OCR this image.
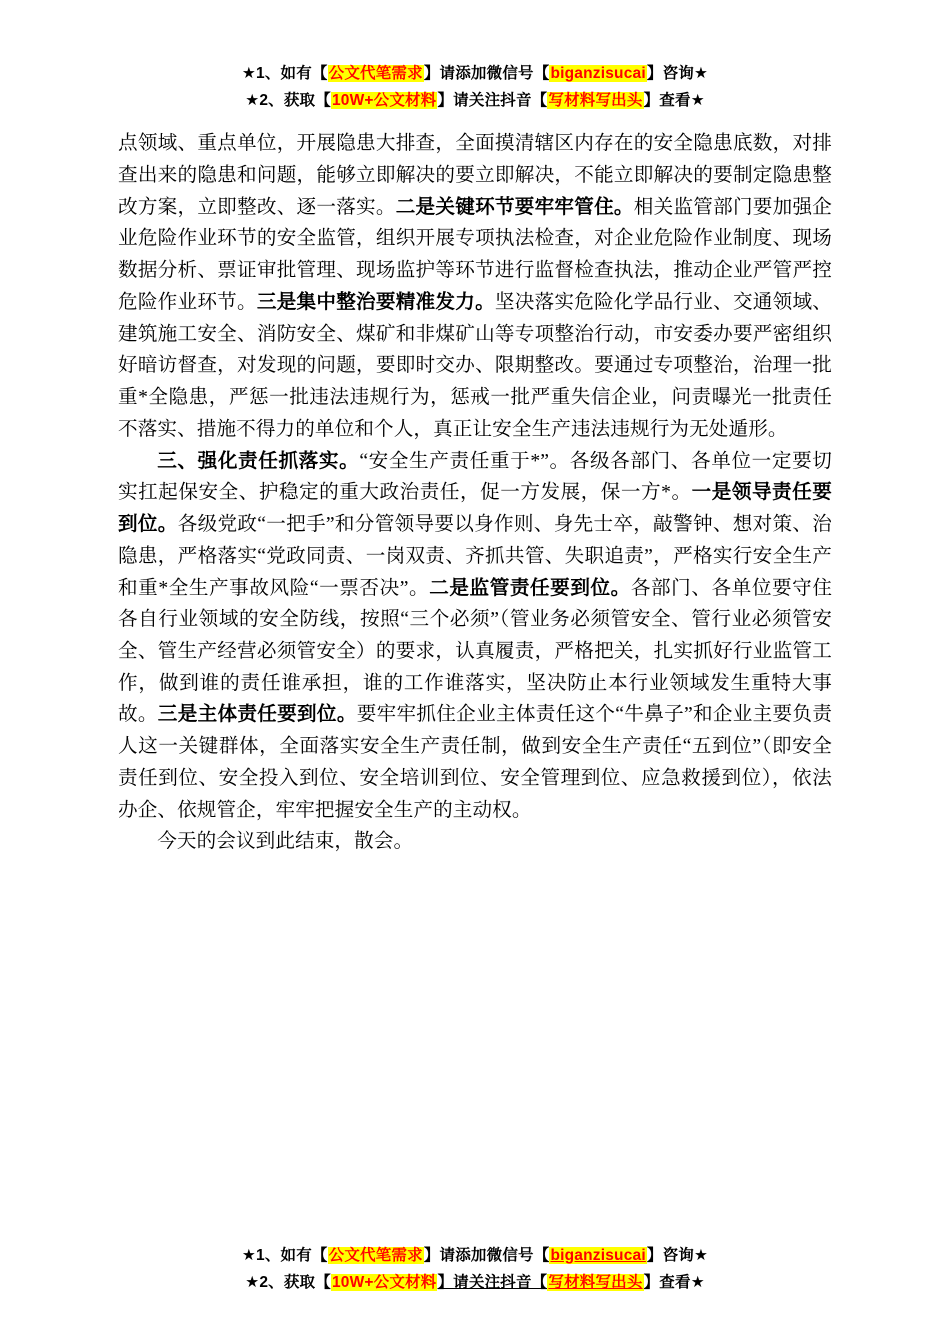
★1、如有【公文代笔需求】请添加微信号【biganzisucai】咨询★
★2、获取【10W+公文材料】请关注抖音【写材料写出头】查看★

点领域、重点单位，开展隐患大排查，全面摸清辖区内存在的安全隐患底数，对排查出来的隐患和问题，能够立即解决的要立即解决，不能立即解决的要制定隐患整改方案，立即整改、逐一落实。二是关键环节要牢牢管住。相关监管部门要加强企业危险作业环节的安全监管，组织开展专项执法检查，对企业危险作业制度、现场数据分析、票证审批管理、现场监护等环节进行监督检查执法，推动企业严管严控危险作业环节。三是集中整治要精准发力。坚决落实危险化学品行业、交通领域、建筑施工安全、消防安全、煤矿和非煤矿山等专项整治行动，市安委办要严密组织好暗访督查，对发现的问题，要即时交办、限期整改。要通过专项整治，治理一批重*全隐患，严惩一批违法违规行为，惩戒一批严重失信企业，问责曝光一批责任不落实、措施不得力的单位和个人，真正让安全生产违法违规行为无处遁形。

三、强化责任抓落实。“安全生产责任重于*”。各级各部门、各单位一定要切实扛起保安全、护稳定的重大政治责任，促一方发展，保一方*。一是领导责任要到位。各级党政“一把手”和分管领导要以身作则、身先士卒，敲警钟、想对策、治隐患，严格落实“党政同责、一岗双责、齐抓共管、失职追责”，严格实行安全生产和重*全生产事故风险“一票否决”。二是监管责任要到位。各部门、各单位要守住各自行业领域的安全防线，按照“三个必须”（管业务必须管安全、管行业必须管安全、管生产经营必须管安全）的要求，认真履责，严格把关，扎实抓好行业监管工作，做到谁的责任谁承担，谁的工作谁落实，坚决防止本行业领域发生重特大事故。三是主体责任要到位。要牢牢抓住企业主体责任这个“牛鼻子”和企业主要负责人这一关键群体，全面落实安全生产责任制，做到安全生产责任“五到位”（即安全责任到位、安全投入到位、安全培训到位、安全管理到位、应急救援到位），依法办企、依规管企，牢牢把握安全生产的主动权。

今天的会议到此结束，散会。

★1、如有【公文代笔需求】请添加微信号【biganzisucai】咨询★
★2、获取【10W+公文材料】请关注抖音【写材料写出头】查看★
